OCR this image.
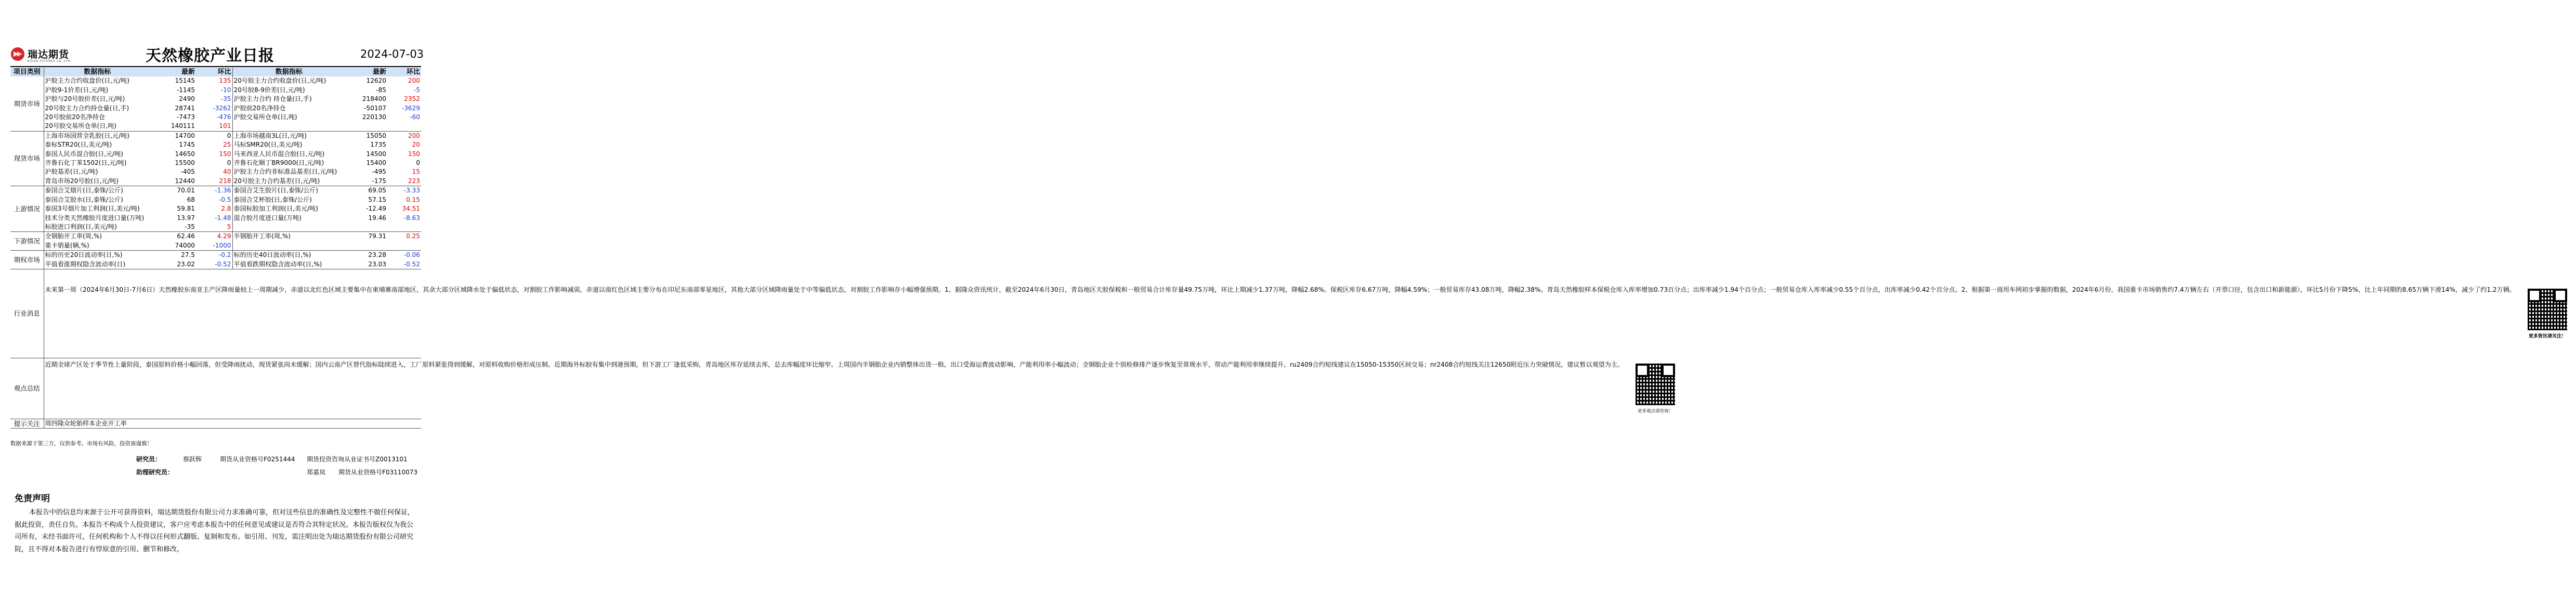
瑞达期货
RUIDA FUTURES CO.,LTD.	天然橡胶产业日报	2024-07-03
项目类别	数据指标	最新	环比	数据指标	最新	环比
期货市场	沪胶主力合约收盘价(日,元/吨)	15145	135	20号胶主力合约收盘价(日,元/吨)	12620	200
	沪胶9-1价差(日,元/吨)	-1145	-10	20号胶8-9价差(日,元/吨)	-85	-5
	沪胶与20号胶价差(日,元/吨)	2490	-35	沪胶主力合约 持仓量(日,手)	218400	2352
	20号胶主力合约持仓量(日,手)	28741	-3262	沪胶前20名净持仓	-50107	-3629
	20号胶前20名净持仓	-7473	-476	沪胶交易所仓单(日,吨)	220130	-60
	20号胶交易所仓单(日,吨)	140111	101			
现货市场	上海市场国营全乳胶(日,元/吨)	14700	0	上海市场越南3L(日,元/吨)	15050	200
	泰标STR20(日,美元/吨)	1745	25	马标SMR20(日,美元/吨)	1735	20
	泰国人民币混合胶(日,元/吨)	14650	150	马来西亚人民币混合胶(日,元/吨)	14500	150
	齐鲁石化丁苯1502(日,元/吨)	15500	0	齐鲁石化顺丁BR9000(日,元/吨)	15400	0
	沪胶基差(日,元/吨)	-405	40	沪胶主力合约非标准品基差(日,元/吨)	-495	15
	青岛市场20号胶(日,元/吨)	12440	218	20号胶主力合约基差(日,元/吨)	-175	223
上游情况	泰国合艾烟片(日,泰铢/公斤)	70.01	-1.36	泰国合艾生胶片(日,泰铢/公斤)	69.05	-3.33
	泰国合艾胶水(日,泰铢/公斤)	68	-0.5	泰国合艾杯胶(日,泰铢/公斤)	57.15	0.15
	泰国3号烟片加工利润(日,美元/吨)	59.81	2.8	泰国标胶加工利润(日,美元/吨)	-12.49	34.51
	技术分类天然橡胶月度进口量(万吨)	13.97	-1.48	混合胶月度进口量(万吨)	19.46	-8.63
	标胶进口利润(日,美元/吨)	-35	5			
下游情况	全钢胎开工率(周,%)	62.46	4.29	半钢胎开工率(周,%)	79.31	0.25
	重卡销量(辆,%)	74000	-1000			
期权市场	标的历史20日波动率(日,%)	27.5	-0.2	标的历史40日波动率(日,%)	23.28	-0.06
	平值看涨期权隐含波动率(日)	23.02	-0.52	平值看跌期权隐含波动率(日,%)	23.03	-0.52
行业消息	未来第一周（2024年6月30日-7月6日）天然橡胶东南亚主产区降雨量较上一周期减少，赤道以北红色区域主要集中在柬埔寨南部地区，其余大部分区域降水处于偏低状态，对割胶工作影响减弱，赤道以南红色区域主要分布在印尼东南部零星地区，其他大部分区域降雨量处于中等偏低状态，对割胶工作影响存小幅增强预期。1、据隆众资讯统计，截至2024年6月30日，青岛地区天胶保税和一般贸易合计库存量49.75万吨，环比上期减少1.37万吨，降幅2.68%。保税区库存6.67万吨，降幅4.59%；一般贸易库存43.08万吨，降幅2.38%。青岛天然橡胶样本保税仓库入库率增加0.73百分点；出库率减少1.94个百分点；一般贸易仓库入库率减少0.55个百分点，出库率减少0.42个百分点。2、根据第一商用车网初步掌握的数据，2024年6月份，我国重卡市场销售约7.4万辆左右（开票口径，包含出口和新能源），环比5月份下降5%，比上年同期的8.65万辆下滑14%，减少了约1.2万辆。
更多资讯请关注！					

观点总结	近期全球产区处于季节性上量阶段，泰国原料价格小幅回落，但受降雨扰动，现货紧张尚未缓解；国内云南产区替代指标陆续进入，工厂原料紧张得到缓解，对原料收购价格形成压制。近期海外标胶有集中到港预期，但下游工厂逢低采购，青岛地区库存延续去库，总去库幅度环比缩窄。上周国内半钢胎企业内销整体出货一般，出口受海运费波动影响，产能利用率小幅波动；全钢胎企业个别检修排产逐步恢复至常规水平，带动产能利用率继续提升。ru2409合约短线建议在15050-15350区间交易；nr2408合约短线关注12650附近压力突破情况，建议暂以观望为主。
更多观点请咨询！					

提示关注	周四隆众轮胎样本企业开工率					
数据来源于第三方，仅供参考。市场有风险，投资需谨慎！
研究员：	蔡跃辉	期货从业资格号F0251444 期货投资咨询从业证书号Z0013101
助理研究员：	郑嘉岚 期货从业资格号F03110073
免责声明
本报告中的信息均来源于公开可获得资料，瑞达期货股份有限公司力求准确可靠，但对这些信息的准确性及完整性不做任何保证，据此投资，责任自负。本报告不构成个人投资建议，客户应考虑本报告中的任何意见或建议是否符合其特定状况。本报告版权仅为我公司所有，未经书面许可，任何机构和个人不得以任何形式翻版、复制和发布。如引用、刊发，需注明出处为瑞达期货股份有限公司研究院，且不得对本报告进行有悖原意的引用、删节和修改。
